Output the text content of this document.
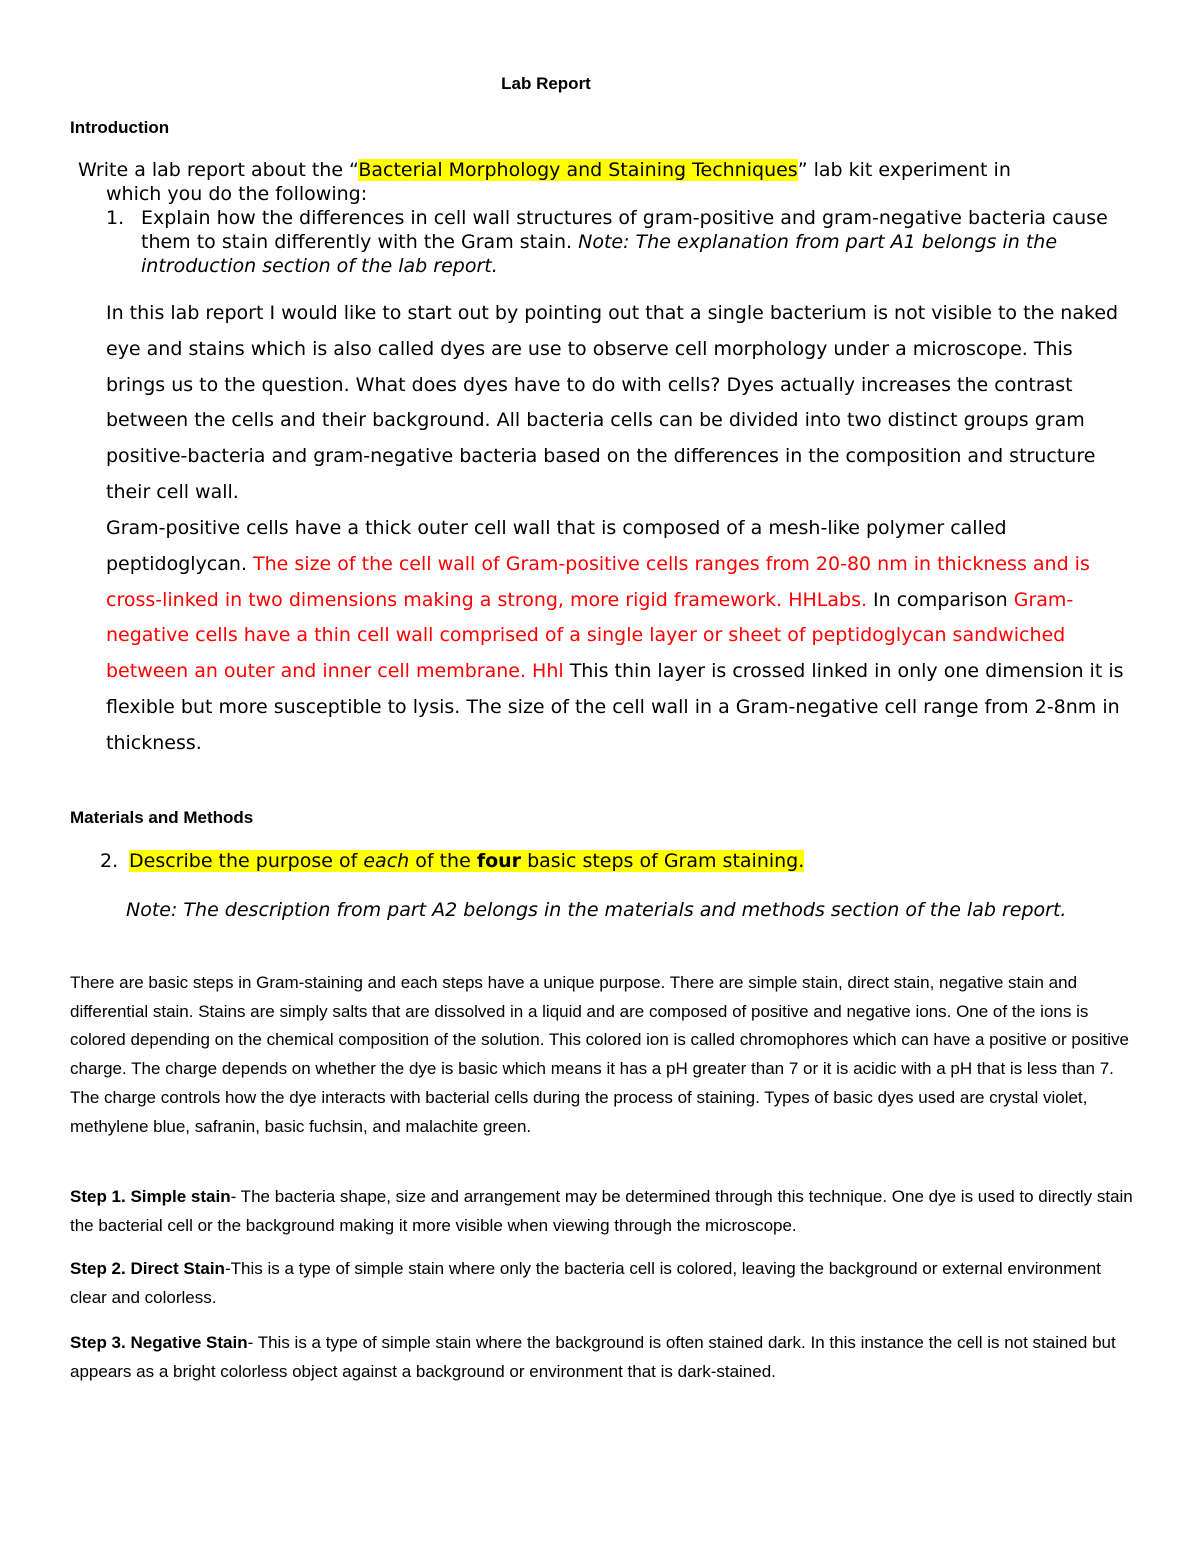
Lab Report
Introduction
Write a lab report about the “Bacterial Morphology and Staining Techniques” lab kit experiment in
which you do the following:
1. Explain how the differences in cell wall structures of gram-positive and gram-negative bacteria cause them to stain differently with the Gram stain. Note: The explanation from part A1 belongs in the introduction section of the lab report.
In this lab report I would like to start out by pointing out that a single bacterium is not visible to the naked eye and stains which is also called dyes are use to observe cell morphology under a microscope. This brings us to the question. What does dyes have to do with cells? Dyes actually increases the contrast between the cells and their background. All bacteria cells can be divided into two distinct groups gram positive-bacteria and gram-negative bacteria based on the differences in the composition and structure their cell wall.
Gram-positive cells have a thick outer cell wall that is composed of a mesh-like polymer called peptidoglycan. The size of the cell wall of Gram-positive cells ranges from 20-80 nm in thickness and is cross-linked in two dimensions making a strong, more rigid framework. HHLabs. In comparison Gram-negative cells have a thin cell wall comprised of a single layer or sheet of peptidoglycan sandwiched between an outer and inner cell membrane. Hhl This thin layer is crossed linked in only one dimension it is flexible but more susceptible to lysis. The size of the cell wall in a Gram-negative cell range from 2-8nm in thickness.
Materials and Methods
2. Describe the purpose of each of the four basic steps of Gram staining.
Note: The description from part A2 belongs in the materials and methods section of the lab report.
There are basic steps in Gram-staining and each steps have a unique purpose. There are simple stain, direct stain, negative stain and differential stain. Stains are simply salts that are dissolved in a liquid and are composed of positive and negative ions. One of the ions is colored depending on the chemical composition of the solution. This colored ion is called chromophores which can have a positive or positive charge. The charge depends on whether the dye is basic which means it has a pH greater than 7 or it is acidic with a pH that is less than 7. The charge controls how the dye interacts with bacterial cells during the process of staining. Types of basic dyes used are crystal violet, methylene blue, safranin, basic fuchsin, and malachite green.
Step 1. Simple stain- The bacteria shape, size and arrangement may be determined through this technique. One dye is used to directly stain the bacterial cell or the background making it more visible when viewing through the microscope.
Step 2. Direct Stain-This is a type of simple stain where only the bacteria cell is colored, leaving the background or external environment clear and colorless.
Step 3. Negative Stain- This is a type of simple stain where the background is often stained dark. In this instance the cell is not stained but appears as a bright colorless object against a background or environment that is dark-stained.
